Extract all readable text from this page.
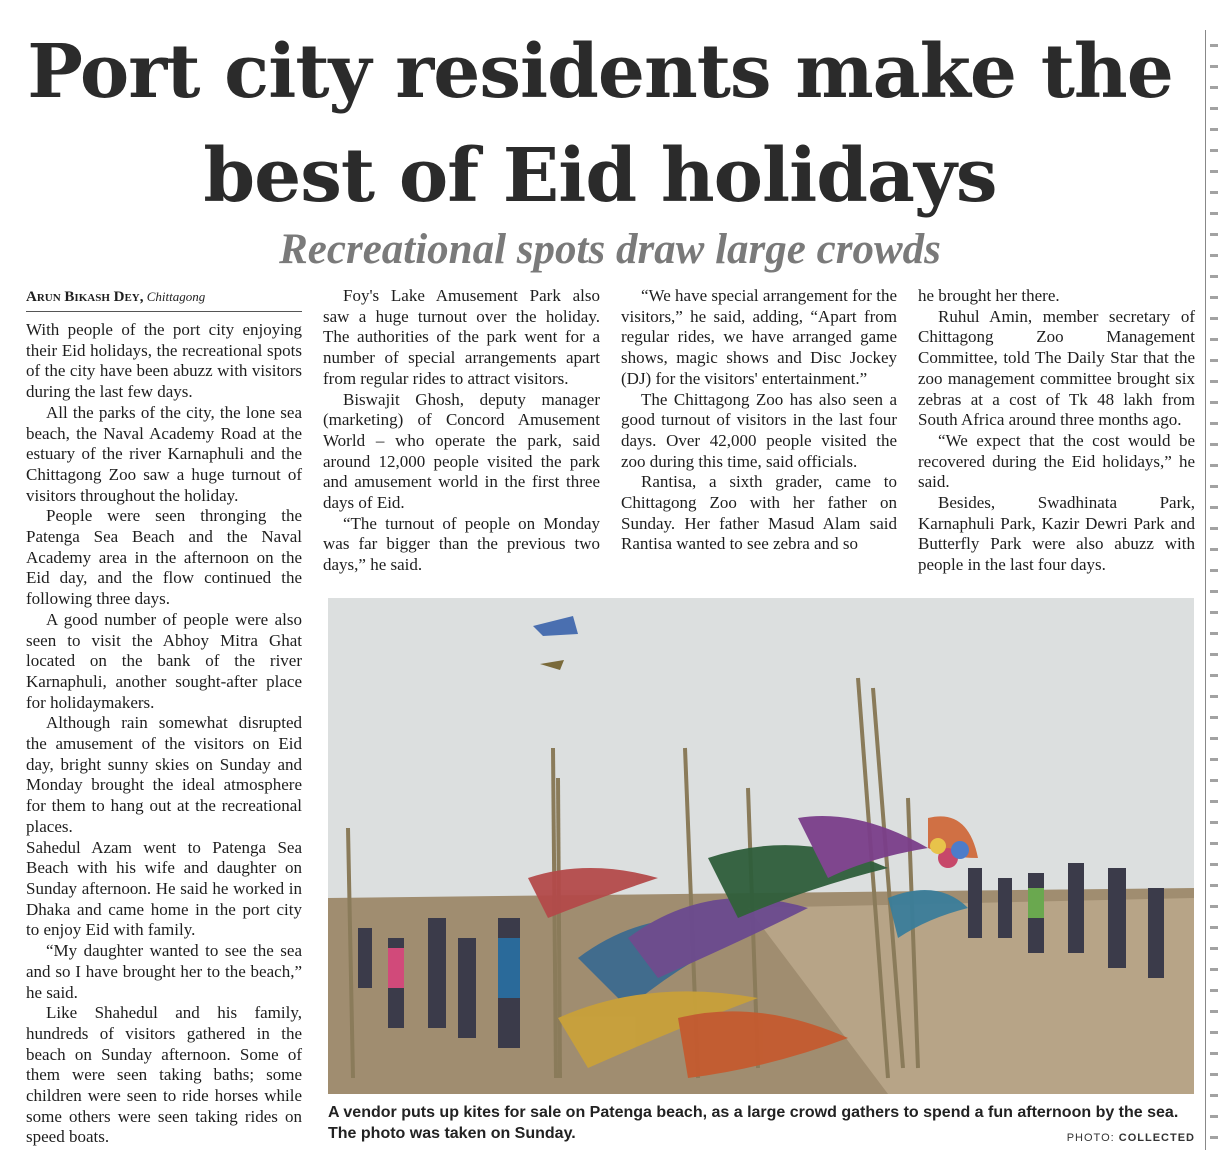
Port city residents make the
best of Eid holidays
Recreational spots draw large crowds
Arun Bikash Dey, Chittagong

With people of the port city enjoying their Eid holidays, the recreational spots of the city have been abuzz with visitors during the last few days.

All the parks of the city, the lone sea beach, the Naval Academy Road at the estuary of the river Karnaphuli and the Chittagong Zoo saw a huge turnout of visitors throughout the holiday.

People were seen thronging the Patenga Sea Beach and the Naval Academy area in the afternoon on the Eid day, and the flow continued the following three days.

A good number of people were also seen to visit the Abhoy Mitra Ghat located on the bank of the river Karnaphuli, another sought-after place for holidaymakers.

Although rain somewhat disrupted the amusement of the visitors on Eid day, bright sunny skies on Sunday and Monday brought the ideal atmosphere for them to hang out at the recreational places.

Sahedul Azam went to Patenga Sea Beach with his wife and daughter on Sunday afternoon. He said he worked in Dhaka and came home in the port city to enjoy Eid with family.

“My daughter wanted to see the sea and so I have brought her to the beach,” he said.

Like Shahedul and his family, hundreds of visitors gathered in the beach on Sunday afternoon. Some of them were seen taking baths; some children were seen to ride horses while some others were seen taking rides on speed boats.

Foy's Lake Amusement Park also saw a huge turnout over the holiday. The authorities of the park went for a number of special arrangements apart from regular rides to attract visitors.

Biswajit Ghosh, deputy manager (marketing) of Concord Amusement World – who operate the park, said around 12,000 people visited the park and amusement world in the first three days of Eid.

“The turnout of people on Monday was far bigger than the previous two days,” he said.

“We have special arrangement for the visitors,” he said, adding, “Apart from regular rides, we have arranged game shows, magic shows and Disc Jockey (DJ) for the visitors' entertainment.”

The Chittagong Zoo has also seen a good turnout of visitors in the last four days. Over 42,000 people visited the zoo during this time, said officials.

Rantisa, a sixth grader, came to Chittagong Zoo with her father on Sunday. Her father Masud Alam said Rantisa wanted to see zebra and so

he brought her there.

Ruhul Amin, member secretary of Chittagong Zoo Management Committee, told The Daily Star that the zoo management committee brought six zebras at a cost of Tk 48 lakh from South Africa around three months ago.

“We expect that the cost would be recovered during the Eid holidays,” he said.

Besides, Swadhinata Park, Karnaphuli Park, Kazir Dewri Park and Butterfly Park were also abuzz with people in the last four days.

A vendor puts up kites for sale on Patenga beach, as a large crowd gathers to spend a fun afternoon by the sea. The photo was taken on Sunday.	PHOTO: COLLECTED
